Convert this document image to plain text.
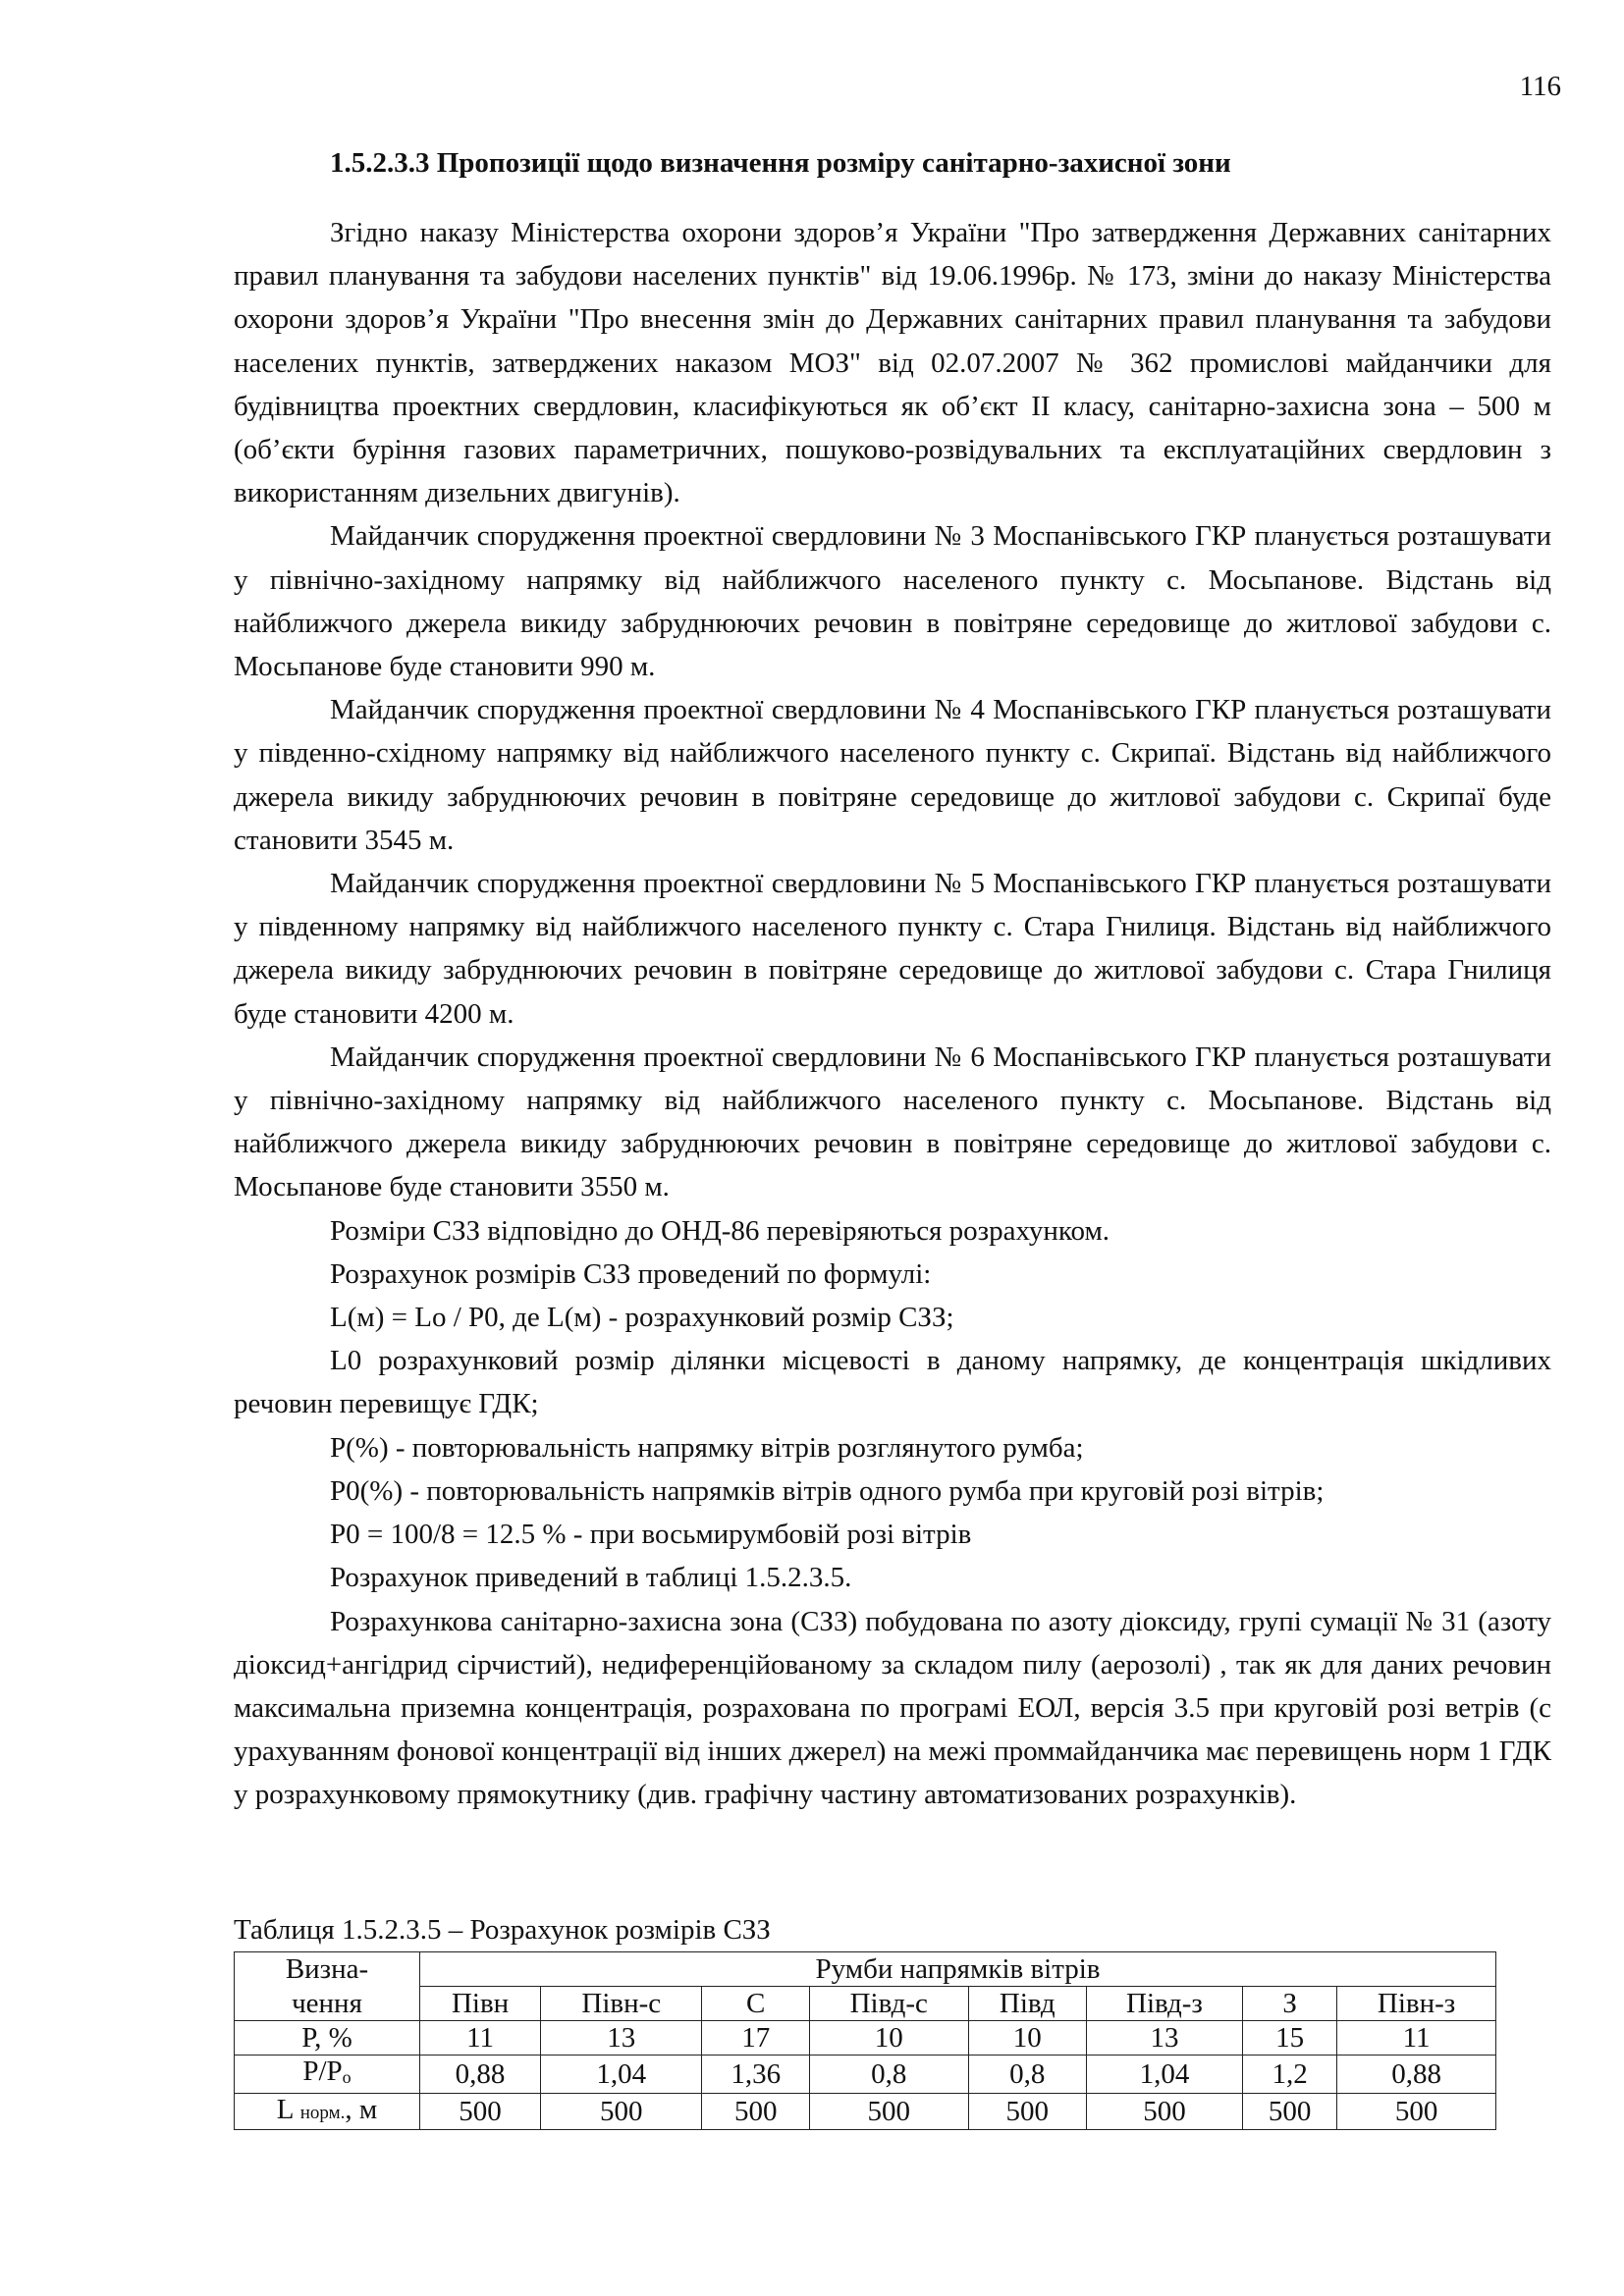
116
1.5.2.3.3 Пропозиції щодо визначення розміру санітарно-захисної зони

Згідно наказу Міністерства охорони здоров’я України "Про затвердження Державних санітарних правил планування та забудови населених пунктів" від 19.06.1996р. № 173, зміни до наказу Міністерства охорони здоров’я України "Про внесення змін до Державних санітарних правил планування та забудови населених пунктів, затверджених наказом МОЗ" від 02.07.2007 № 362 промислові майданчики для будівництва проектних свердловин, класифікуються як об’єкт II класу, санітарно-захисна зона – 500 м (об’єкти буріння газових параметричних, пошуково-розвідувальних та експлуатаційних свердловин з використанням дизельних двигунів).

Майданчик спорудження проектної свердловини № 3 Моспанівського ГКР планується розташувати у північно-західному напрямку від найближчого населеного пункту с. Мосьпанове. Відстань від найближчого джерела викиду забруднюючих речовин в повітряне середовище до житлової забудови с. Мосьпанове буде становити 990 м.

Майданчик спорудження проектної свердловини № 4 Моспанівського ГКР планується розташувати у південно-східному напрямку від найближчого населеного пункту с. Скрипаї. Відстань від найближчого джерела викиду забруднюючих речовин в повітряне середовище до житлової забудови с. Скрипаї буде становити 3545 м.

Майданчик спорудження проектної свердловини № 5 Моспанівського ГКР планується розташувати у південному напрямку від найближчого населеного пункту с. Стара Гнилиця. Відстань від найближчого джерела викиду забруднюючих речовин в повітряне середовище до житлової забудови с. Стара Гнилиця буде становити 4200 м.

Майданчик спорудження проектної свердловини № 6 Моспанівського ГКР планується розташувати у північно-західному напрямку від найближчого населеного пункту с. Мосьпанове. Відстань від найближчого джерела викиду забруднюючих речовин в повітряне середовище до житлової забудови с. Мосьпанове буде становити 3550 м.

Розміри СЗЗ відповідно до ОНД-86 перевіряються розрахунком.

Розрахунок розмірів СЗЗ проведений по формулі:

L(м) = Lo / P0, де L(м) - розрахунковий розмір СЗЗ;

L0 розрахунковий розмір ділянки місцевості в даному напрямку, де концентрація шкідливих речовин перевищує ГДК;

P(%) - повторювальність напрямку вітрів розглянутого румба;

P0(%) - повторювальність напрямків вітрів одного румба при круговій розі вітрів;

P0 = 100/8 = 12.5 % - при восьмирумбовій розі вітрів

Розрахунок приведений в таблиці 1.5.2.3.5.

Розрахункова санітарно-захисна зона (СЗЗ) побудована по азоту діоксиду, групі сумації № 31 (азоту діоксид+ангідрид сірчистий), недиференційованому за складом пилу (аерозолі) , так як для даних речовин максимальна приземна концентрація, розрахована по програмі ЕОЛ, версія 3.5 при круговій розі ветрів (с урахуванням фонової концентрації від інших джерел) на межі проммайданчика має перевищень норм 1 ГДК у розрахунковому прямокутнику (див. графічну частину автоматизованих розрахунків).

Таблиця 1.5.2.3.5 – Розрахунок розмірів СЗЗ
Визна-	Румби напрямків вітрів							
чення	Півн	Півн-с	С	Півд-с	Півд	Півд-з	З	Півн-з
P, %	11	13	17	10	10	13	15	11
P/Po	0,88	1,04	1,36	0,8	0,8	1,04	1,2	0,88
L норм., м	500	500	500	500	500	500	500	500
